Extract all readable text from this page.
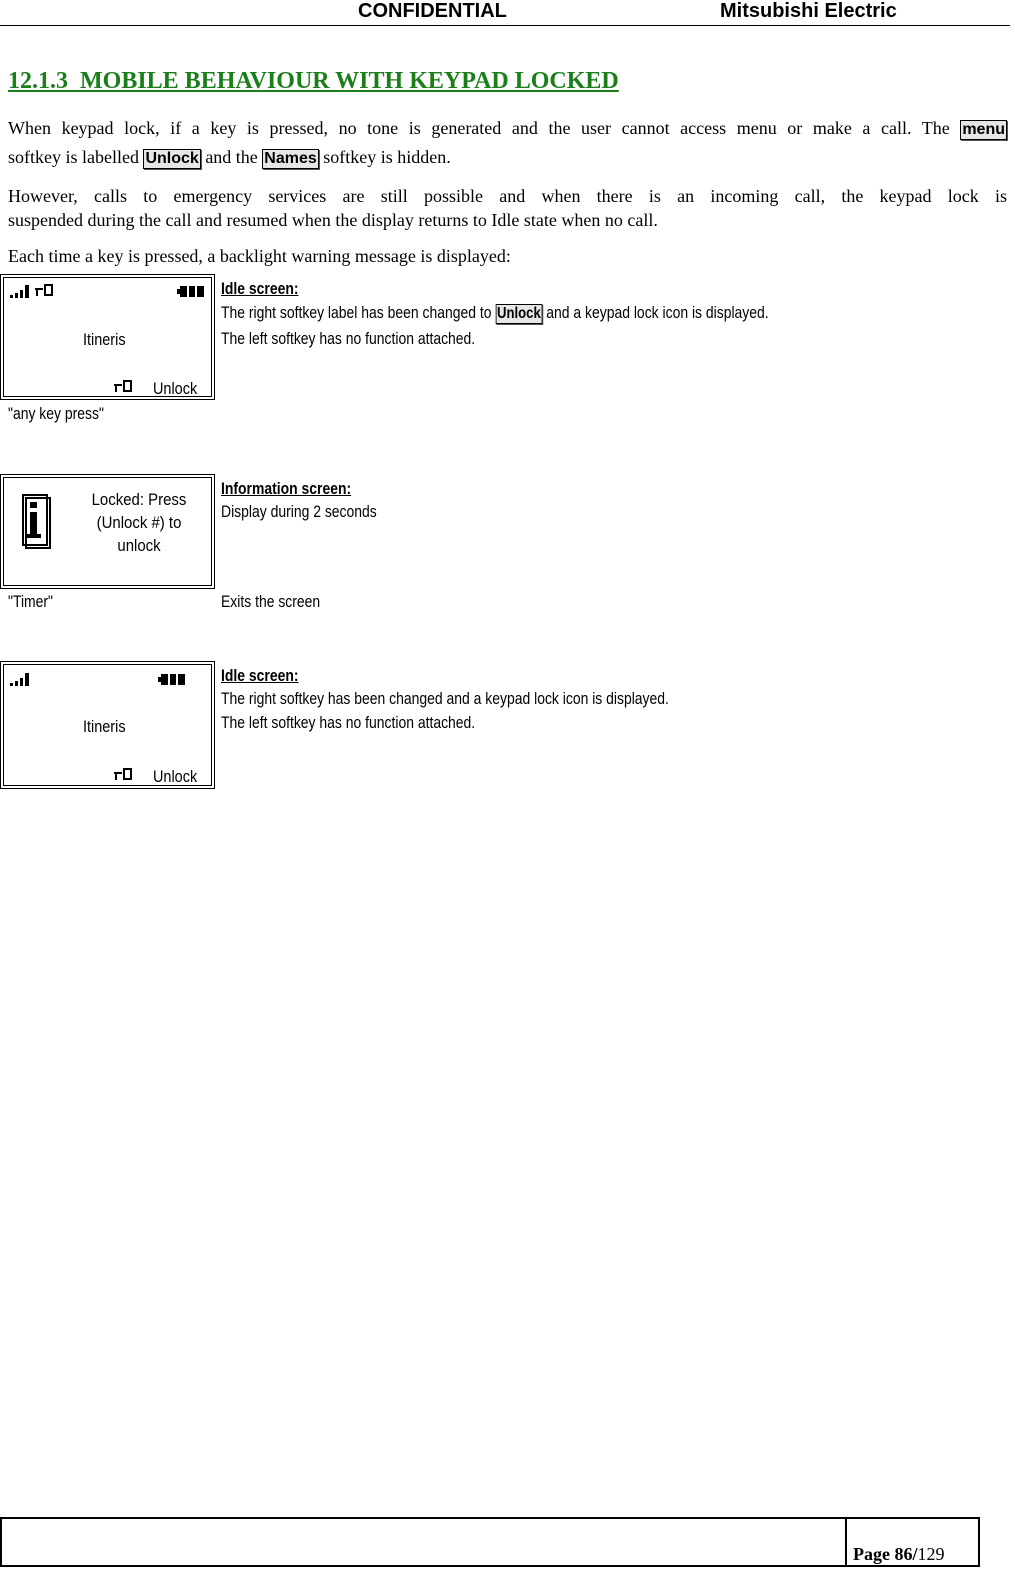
CONFIDENTIAL	Mitsubishi Electric
12.1.3 MOBILE BEHAVIOUR WITH KEYPAD LOCKED
When keypad lock, if a key is pressed, no tone is generated and the user cannot access menu or make a call. The menu
softkey is labelled Unlock and the Names softkey is hidden.
However, calls to emergency services are still possible and when there is an incoming call, the keypad lock is
suspended during the call and resumed when the display returns to Idle state when no call.
Each time a key is pressed, a backlight warning message is displayed:
Itineris
Unlock
"any key press"
Idle screen:
The right softkey label has been changed to Unlock and a keypad lock icon is displayed.
The left softkey has no function attached.
Locked: Press
(Unlock #) to
unlock
"Timer"	Exits the screen
Information screen:
Display during 2 seconds
Itineris
Unlock
Idle screen:
The right softkey has been changed and a keypad lock icon is displayed.
The left softkey has no function attached.
Page 86/129
